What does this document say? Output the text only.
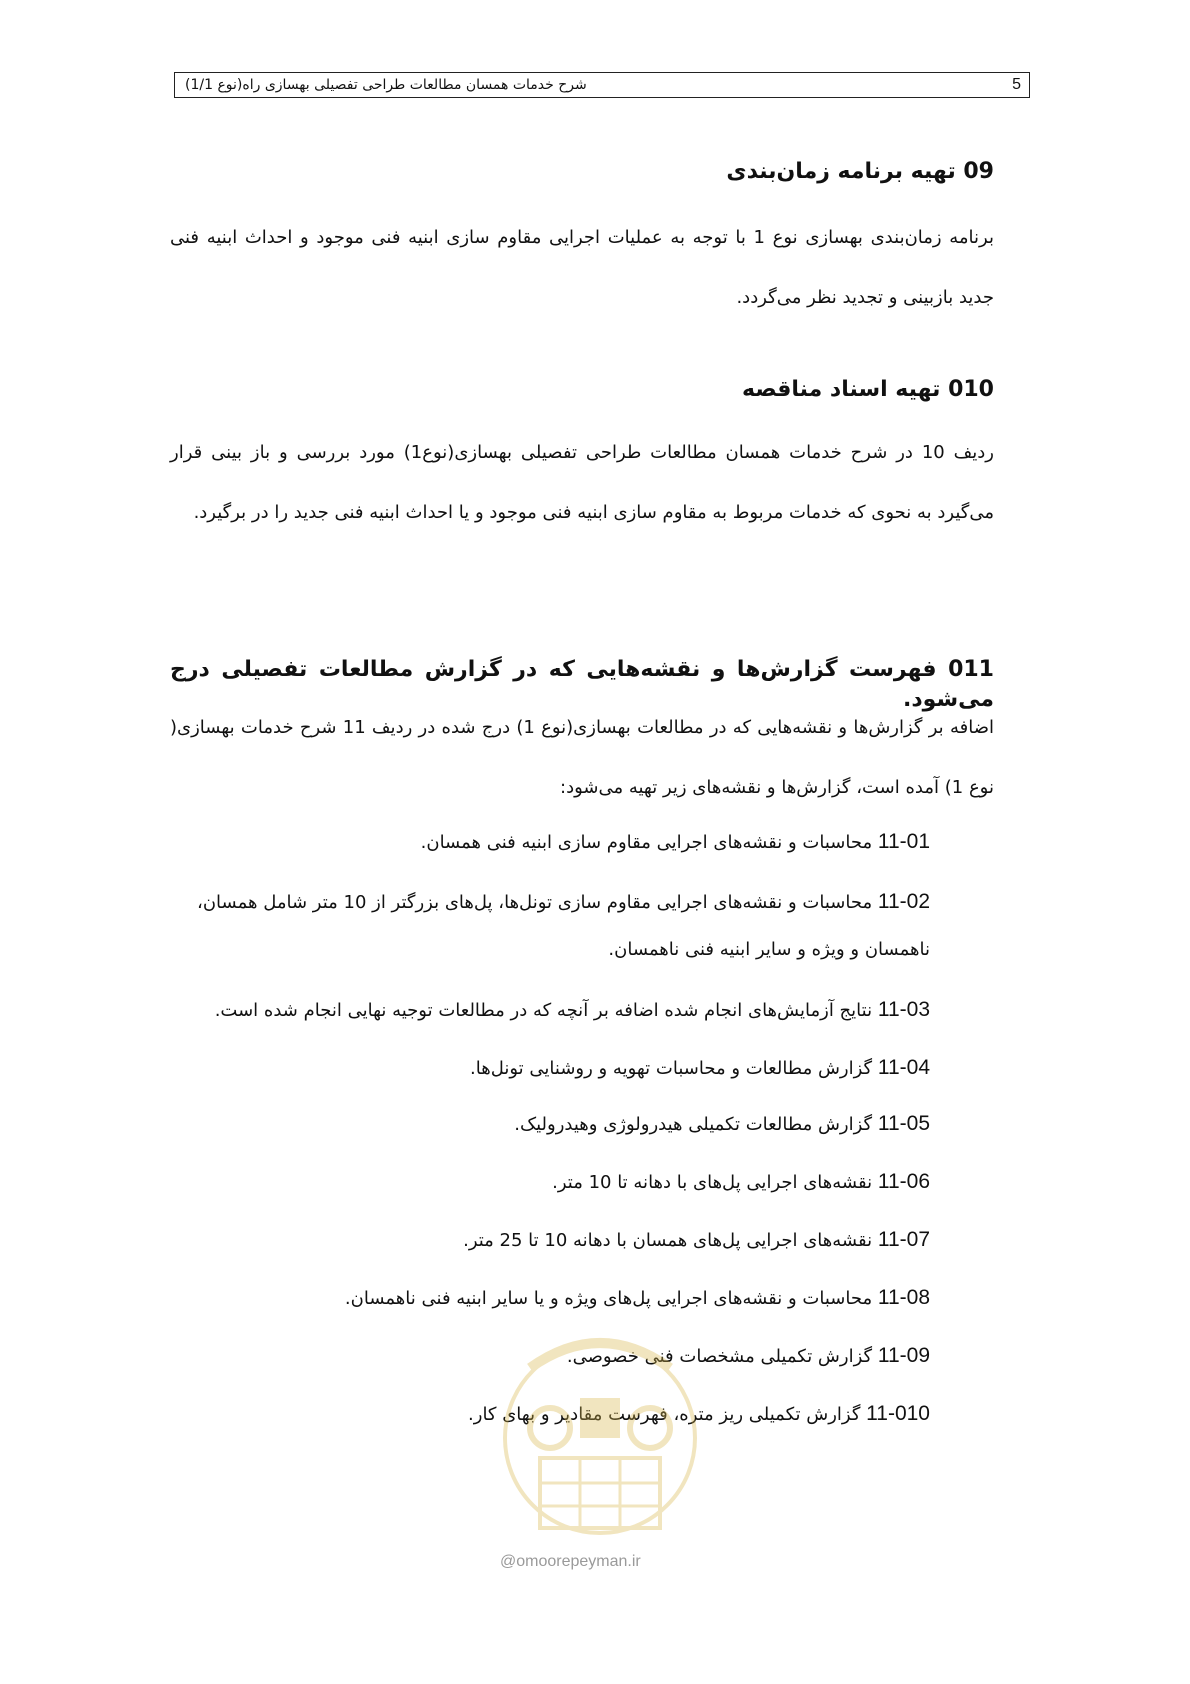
5
شرح خدمات همسان مطالعات طراحی تفصیلی بهسازی راه(نوع 1/1)

09 تهیه برنامه زمان‌بندی

برنامه زمان‌بندی بهسازی نوع 1 با توجه به عملیات اجرایی مقاوم سازی ابنیه فنی موجود و احداث ابنیه فنی جدید بازبینی و تجدید نظر می‌گردد.

010 تهیه اسناد مناقصه

ردیف 10 در شرح خدمات همسان مطالعات طراحی تفصیلی بهسازی(نوع1) مورد بررسی و باز بینی قرار می‌گیرد به نحوی که خدمات مربوط به مقاوم سازی ابنیه فنی موجود و یا احداث ابنیه فنی جدید را در برگیرد.

011 فهرست گزارش‌ها و نقشه‌هایی که در گزارش مطالعات تفصیلی درج می‌شود.

اضافه بر گزارش‌ها و نقشه‌هایی که در مطالعات بهسازی(نوع 1) درج شده در ردیف 11 شرح خدمات بهسازی( نوع 1) آمده است، گزارش‌ها و نقشه‌های زیر تهیه می‌شود:

11-01 محاسبات و نقشه‌های اجرایی مقاوم سازی ابنیه فنی همسان.

11-02 محاسبات و نقشه‌های اجرایی مقاوم سازی تونل‌ها، پل‌های بزرگتر از 10 متر شامل همسان،

ناهمسان و ویژه و سایر ابنیه فنی ناهمسان.

11-03 نتایج آزمایش‌های انجام شده اضافه بر آنچه که در مطالعات توجیه نهایی انجام شده است.

11-04 گزارش مطالعات و محاسبات تهویه و روشنایی تونل‌ها.

11-05 گزارش مطالعات تکمیلی هیدرولوژی وهیدرولیک.

11-06 نقشه‌های اجرایی پل‌های با دهانه تا 10 متر.

11-07 نقشه‌های اجرایی پل‌های همسان با دهانه 10 تا 25 متر.

11-08 محاسبات و نقشه‌های اجرایی پل‌های ویژه و یا سایر ابنیه فنی ناهمسان.

11-09 گزارش تکمیلی مشخصات فنی خصوصی.

11-010 گزارش تکمیلی ریز متره، فهرست مقادیر و بهای کار.

@omoorepeyman.ir
